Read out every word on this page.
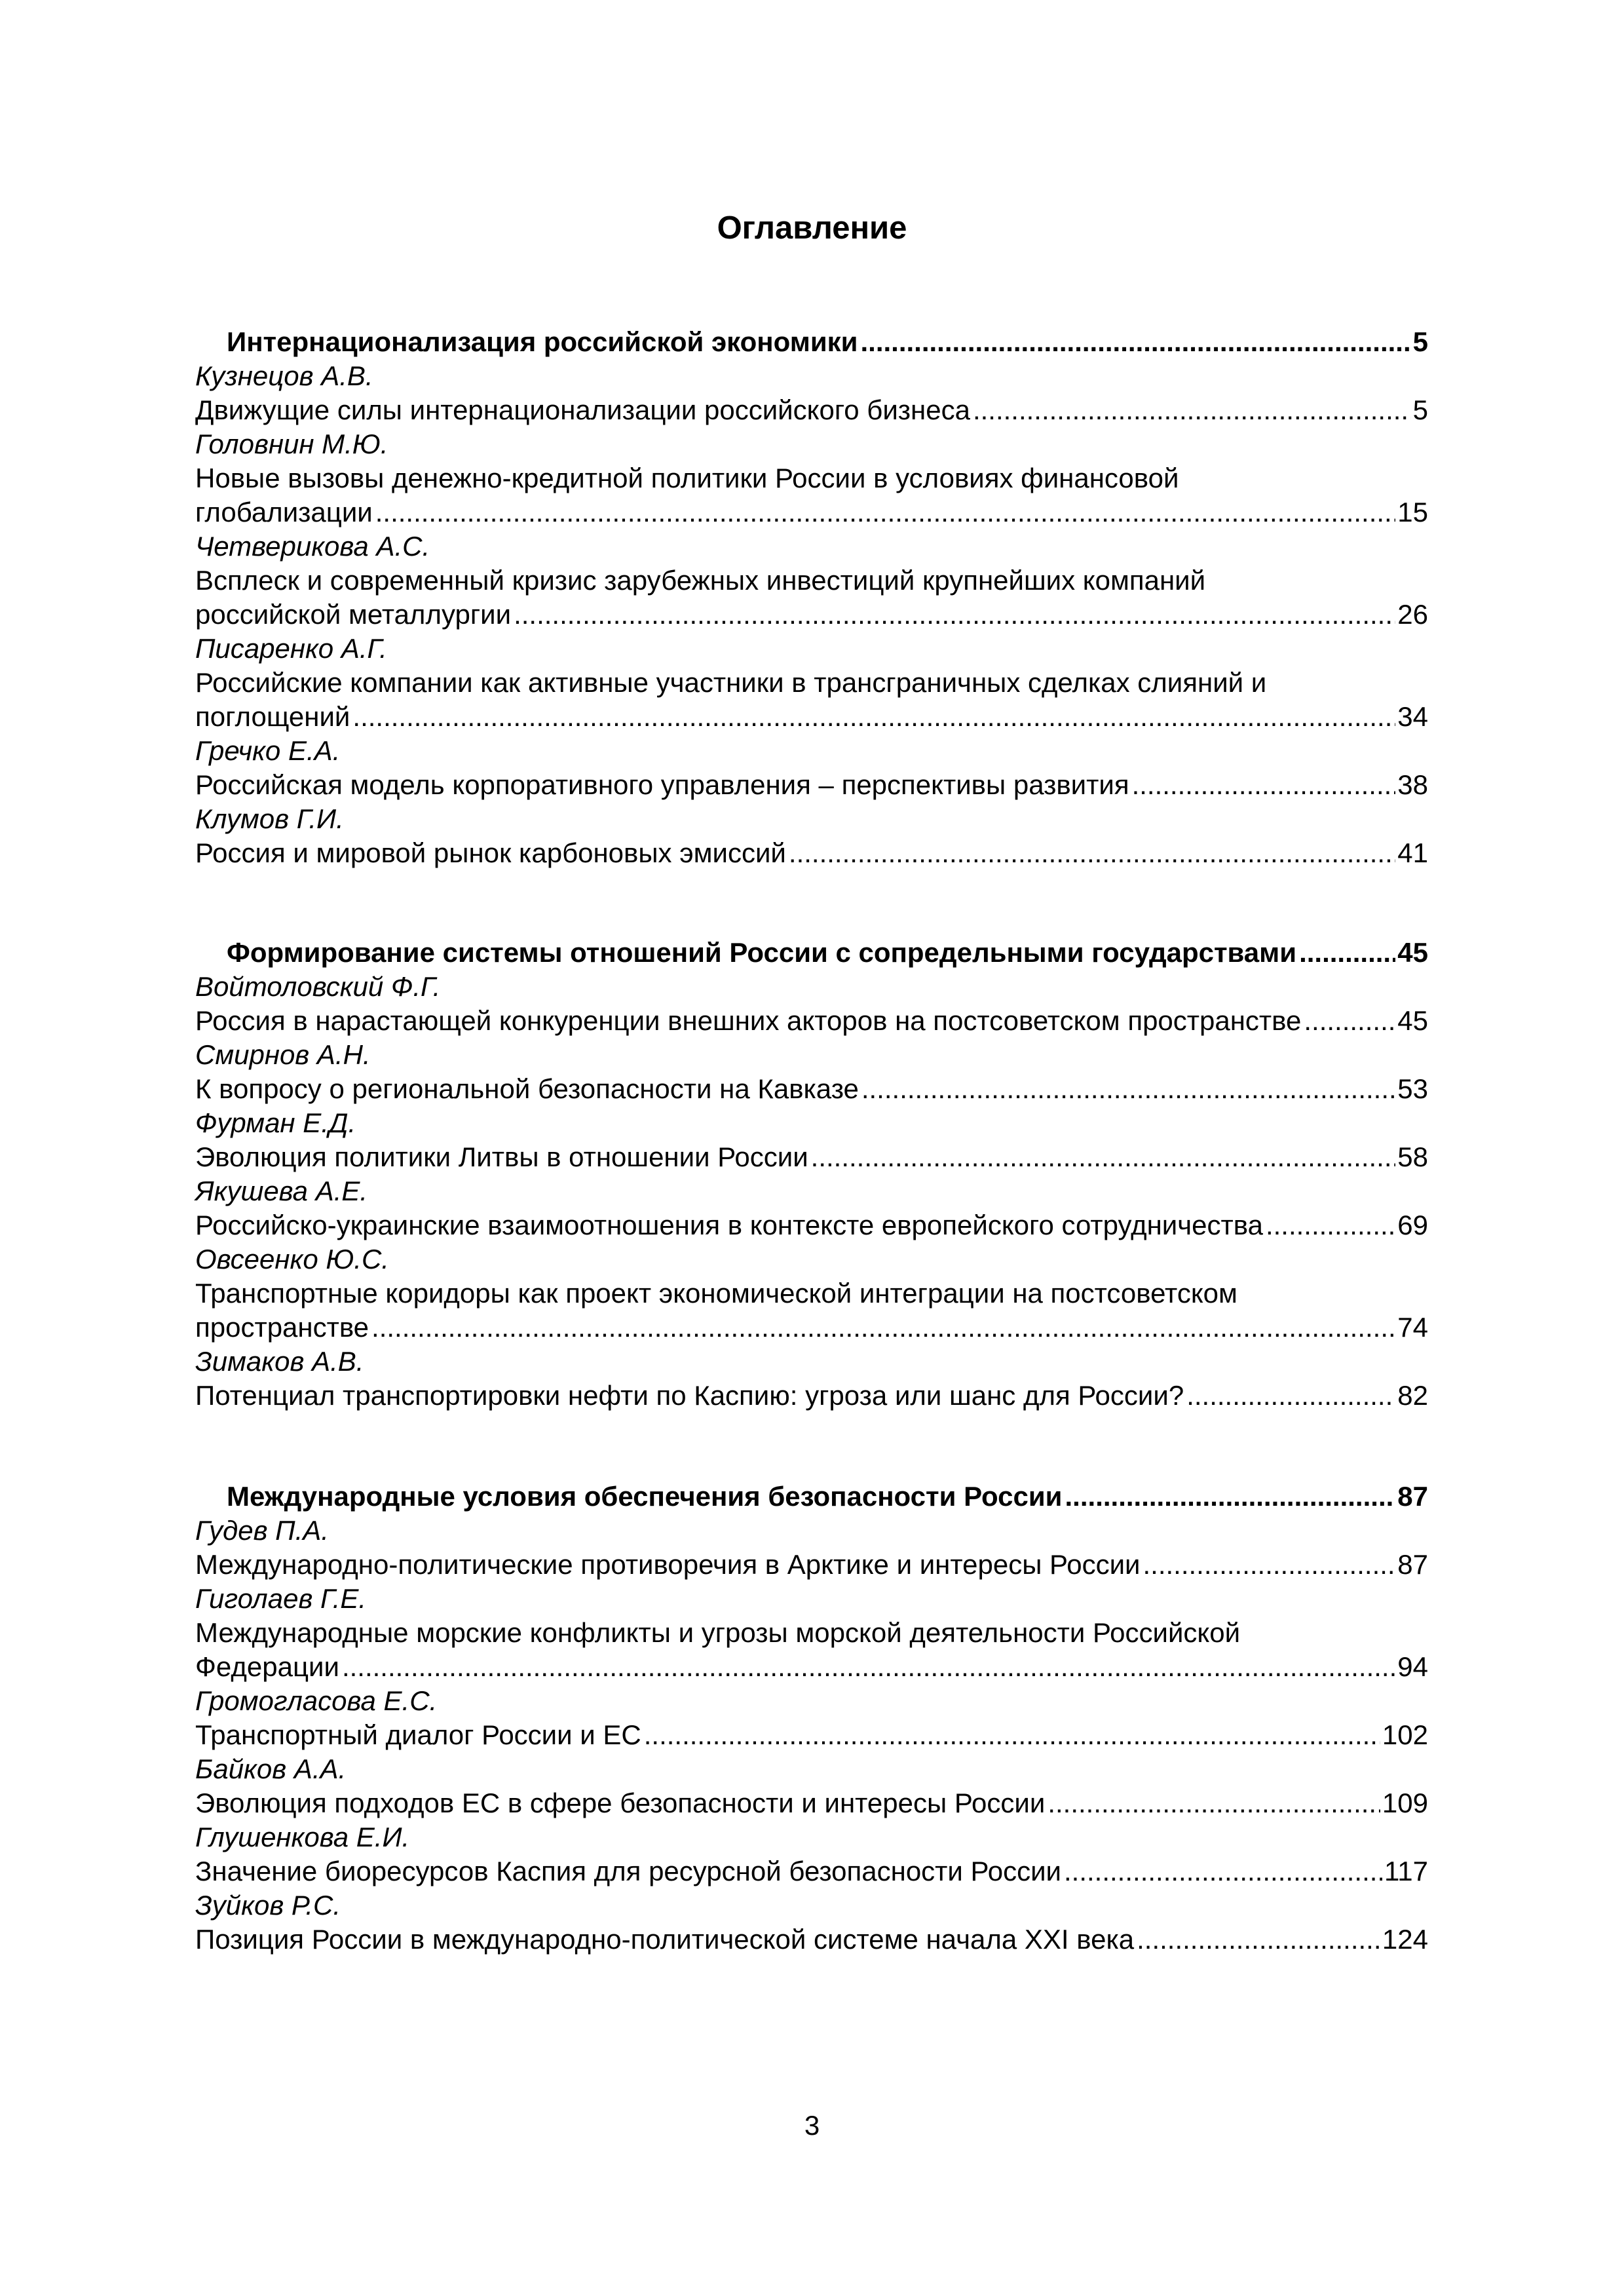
Оглавление
Интернационализация российской экономики .....	5
Кузнецов А.В.
Движущие силы интернационализации российского бизнеса .....	5
Головнин М.Ю.
Новые вызовы денежно-кредитной политики России в условиях финансовой
глобализации .....	15
Четверикова А.С.
Всплеск и современный кризис зарубежных инвестиций крупнейших компаний
российской металлургии .....	26
Писаренко А.Г.
Российские компании как активные участники в трансграничных сделках слияний и
поглощений .....	34
Гречко Е.А.
Российская модель корпоративного управления – перспективы развития .....	38
Клумов Г.И.
Россия и мировой рынок карбоновых эмиссий .....	41
Формирование системы отношений России с сопредельными государствами .....	45
Войтоловский Ф.Г.
Россия в нарастающей конкуренции внешних акторов на постсоветском пространстве .....	45
Смирнов А.Н.
К вопросу о региональной безопасности на Кавказе .....	53
Фурман Е.Д.
Эволюция политики Литвы в отношении России .....	58
Якушева А.Е.
Российско-украинские взаимоотношения в контексте европейского сотрудничества .....	69
Овсеенко Ю.С.
Транспортные коридоры как проект экономической интеграции на постсоветском
пространстве .....	74
Зимаков А.В.
Потенциал транспортировки нефти по Каспию: угроза или шанс для России? .....	82
Международные условия обеспечения безопасности России .....	87
Гудев П.А.
Международно-политические противоречия в Арктике и интересы России .....	87
Гиголаев Г.Е.
Международные морские конфликты и угрозы морской деятельности Российской
Федерации .....	94
Громогласова Е.С.
Транспортный диалог России и ЕС .....	102
Байков А.А.
Эволюция подходов ЕС в сфере безопасности и интересы России .....	109
Глушенкова Е.И.
Значение биоресурсов Каспия для ресурсной безопасности России .....	117
Зуйков Р.С.
Позиция России в международно-политической системе начала XXI века .....	124
3
